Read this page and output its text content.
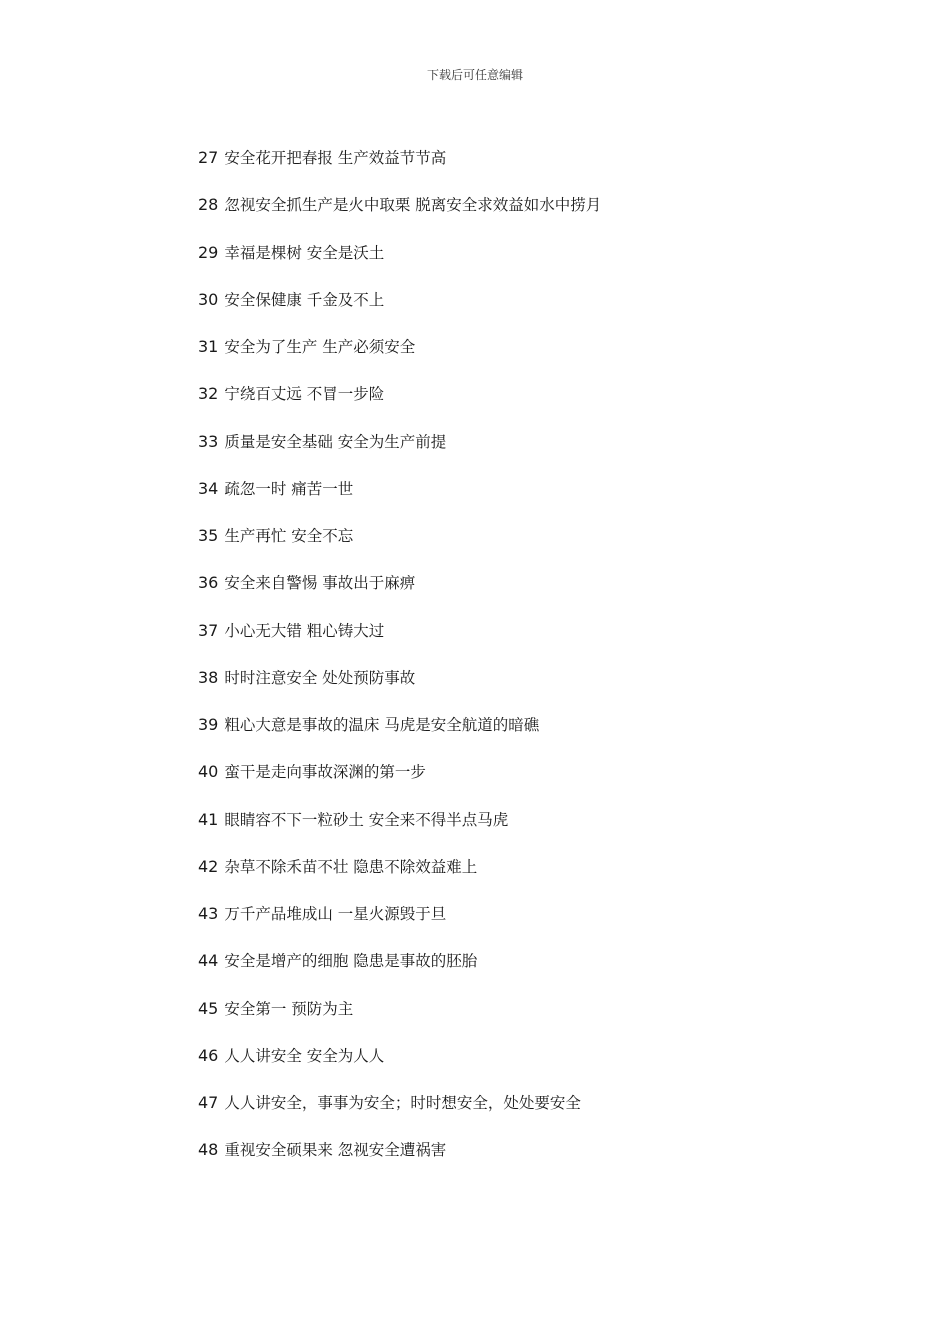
下载后可任意编辑
27 安全花开把春报 生产效益节节高
28 忽视安全抓生产是火中取栗 脱离安全求效益如水中捞月
29 幸福是棵树 安全是沃土
30 安全保健康 千金及不上
31 安全为了生产 生产必须安全
32 宁绕百丈远 不冒一步险
33 质量是安全基础 安全为生产前提
34 疏忽一时 痛苦一世
35 生产再忙 安全不忘
36 安全来自警惕 事故出于麻痹
37 小心无大错 粗心铸大过
38 时时注意安全 处处预防事故
39 粗心大意是事故的温床 马虎是安全航道的暗礁
40 蛮干是走向事故深渊的第一步
41 眼睛容不下一粒砂土 安全来不得半点马虎
42 杂草不除禾苗不壮 隐患不除效益难上
43 万千产品堆成山 一星火源毁于旦
44 安全是增产的细胞 隐患是事故的胚胎
45 安全第一 预防为主
46 人人讲安全 安全为人人
47 人人讲安全，事事为安全；时时想安全，处处要安全
48 重视安全硕果来 忽视安全遭祸害
